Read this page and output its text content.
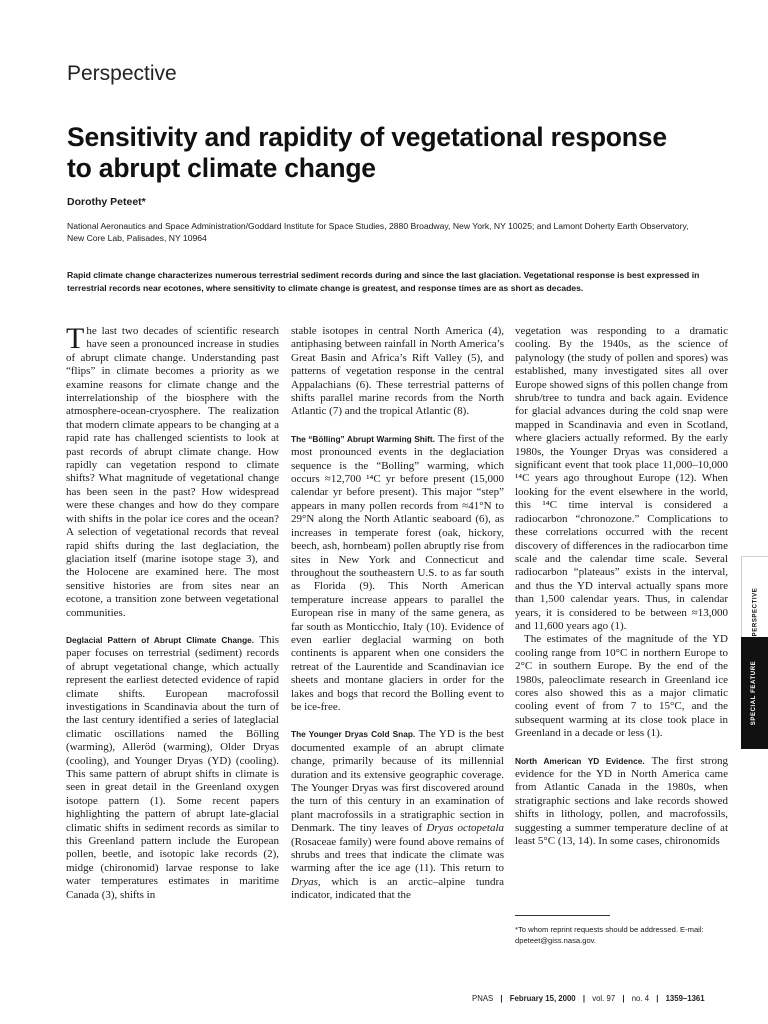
Perspective
Sensitivity and rapidity of vegetational response
to abrupt climate change
Dorothy Peteet*
National Aeronautics and Space Administration/Goddard Institute for Space Studies, 2880 Broadway, New York, NY 10025; and Lamont Doherty Earth Observatory, New Core Lab, Palisades, NY 10964
Rapid climate change characterizes numerous terrestrial sediment records during and since the last glaciation. Vegetational response is best expressed in terrestrial records near ecotones, where sensitivity to climate change is greatest, and response times are as short as decades.

The last two decades of scientific research have seen a pronounced increase in studies of abrupt climate change. Understanding past “flips” in climate becomes a priority as we examine reasons for climate change and the interrelationship of the biosphere with the atmosphere-ocean-cryosphere. The realization that modern climate appears to be changing at a rapid rate has challenged scientists to look at past records of abrupt climate change. How rapidly can vegetation respond to climate shifts? What magnitude of vegetational change has been seen in the past? How widespread were these changes and how do they compare with shifts in the polar ice cores and the ocean? A selection of vegetational records that reveal rapid shifts during the last deglaciation, the glaciation itself (marine isotope stage 3), and the Holocene are examined here. The most sensitive histories are from sites near an ecotone, a transition zone between vegetational communities.

Deglacial Pattern of Abrupt Climate Change. This paper focuses on terrestrial (sediment) records of abrupt vegetational change, which actually represent the earliest detected evidence of rapid climate shifts. European macrofossil investigations in Scandinavia about the turn of the last century identified a series of lateglacial climatic oscillations named the Bölling (warming), Alleröd (warming), Older Dryas (cooling), and Younger Dryas (YD) (cooling). This same pattern of abrupt shifts in climate is seen in great detail in the Greenland oxygen isotope pattern (1). Some recent papers highlighting the pattern of abrupt late-glacial climatic shifts in sediment records as similar to this Greenland pattern include the European pollen, beetle, and isotopic lake records (2), midge (chironomid) larvae response to lake water temperatures estimates in maritime Canada (3), shifts in

stable isotopes in central North America (4), antiphasing between rainfall in North America’s Great Basin and Africa’s Rift Valley (5), and patterns of vegetation response in the central Appalachians (6). These terrestrial patterns of shifts parallel marine records from the North Atlantic (7) and the tropical Atlantic (8).

The “Bölling” Abrupt Warming Shift. The first of the most pronounced events in the deglaciation sequence is the “Bolling” warming, which occurs ≈12,700 ¹⁴C yr before present (15,000 calendar yr before present). This major “step” appears in many pollen records from ≈41°N to 29°N along the North Atlantic seaboard (6), as increases in temperate forest (oak, hickory, beech, ash, hornbeam) pollen abruptly rise from sites in New York and Connecticut and throughout the southeastern U.S. to as far south as Florida (9). This North American temperature increase appears to parallel the European rise in many of the same genera, as far south as Monticchio, Italy (10). Evidence of even earlier deglacial warming on both continents is apparent when one considers the retreat of the Laurentide and Scandinavian ice sheets and montane glaciers in order for the lakes and bogs that record the Bolling event to be ice-free.

The Younger Dryas Cold Snap. The YD is the best documented example of an abrupt climate change, primarily because of its millennial duration and its extensive geographic coverage. The Younger Dryas was first discovered around the turn of this century in an examination of plant macrofossils in a stratigraphic section in Denmark. The tiny leaves of Dryas octopetala (Rosaceae family) were found above remains of shrubs and trees that indicate the climate was warming after the ice age (11). This return to Dryas, which is an arctic–alpine tundra indicator, indicated that the

vegetation was responding to a dramatic cooling. By the 1940s, as the science of palynology (the study of pollen and spores) was established, many investigated sites all over Europe showed signs of this pollen change from shrub/tree to tundra and back again. Evidence for glacial advances during the cold snap were mapped in Scandinavia and even in Scotland, where glaciers actually reformed. By the early 1980s, the Younger Dryas was considered a significant event that took place 11,000–10,000 ¹⁴C years ago throughout Europe (12). When looking for the event elsewhere in the world, this ¹⁴C time interval is considered a radiocarbon “chronozone.” Complications to these correlations occurred with the recent discovery of differences in the radiocarbon time scale and the calendar time scale. Several radiocarbon “plateaus” exists in the interval, and thus the YD interval actually spans more than 1,500 calendar years. Thus, in calendar years, it is considered to be between ≈13,000 and 11,600 years ago (1).

The estimates of the magnitude of the YD cooling range from 10°C in northern Europe to 2°C in southern Europe. By the end of the 1980s, paleoclimate research in Greenland ice cores also showed this as a major climatic cooling event of from 7 to 15°C, and the subsequent warming at its close took place in Greenland in a decade or less (1).

North American YD Evidence. The first strong evidence for the YD in North America came from Atlantic Canada in the 1980s, when stratigraphic sections and lake records showed shifts in lithology, pollen, and macrofossils, suggesting a summer temperature decline of at least 5°C (13, 14). In some cases, chironomids

*To whom reprint requests should be addressed. E-mail: dpeteet@giss.nasa.gov.
PNAS | February 15, 2000 | vol. 97 | no. 4 | 1359–1361
PERSPECTIVE
SPECIAL FEATURE
